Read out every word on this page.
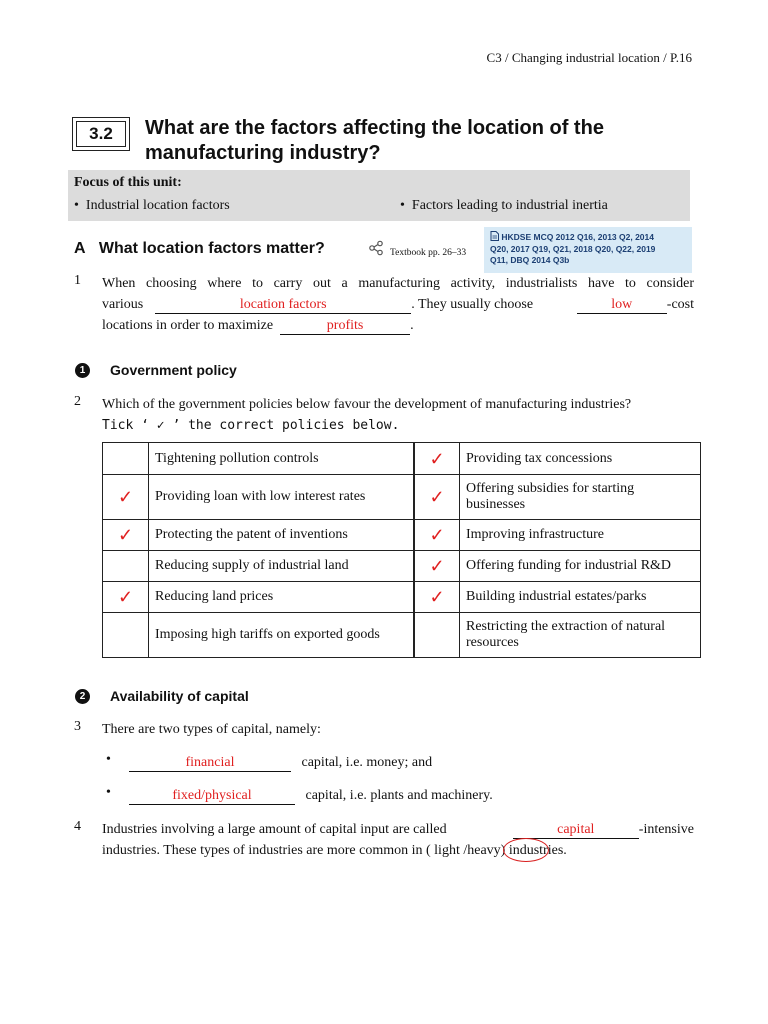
C3 / Changing industrial location / P.16
3.2	What are the factors affecting the location of the
manufacturing industry?
Focus of this unit:
•  Industrial location factors	•  Factors leading to industrial inertia
HKDSE MCQ 2012 Q16, 2013 Q2, 2014
Q20, 2017 Q19, Q21, 2018 Q20, Q22, 2019
Q11, DBQ 2014 Q3b
A What location factors matter?	Textbook pp. 26–33
1 When choosing where to carry out a manufacturing activity, industrialists have to consider
various	location factors	. They usually choose	low	-cost
locations in order to maximize	profits	.
1	Government policy
2 Which of the government policies below favour the development of manufacturing industries?
Tick ‘ ✓ ’ the correct policies below.
	Tightening pollution controls	✓	Providing tax concessions
✓	Providing loan with low interest rates	✓	Offering subsidies for starting businesses
✓	Protecting the patent of inventions	✓	Improving infrastructure
	Reducing supply of industrial land	✓	Offering funding for industrial R&D
✓	Reducing land prices	✓	Building industrial estates/parks
	Imposing high tariffs on exported goods		Restricting the extraction of natural resources
2	Availability of capital
3 There are two types of capital, namely:
•	financial	capital, i.e. money; and
•	fixed/physical	capital, i.e. plants and machinery.
4 Industries involving a large amount of capital input are called	capital	-intensive
industries. These types of industries are more common in ( light /heavy) industries.
